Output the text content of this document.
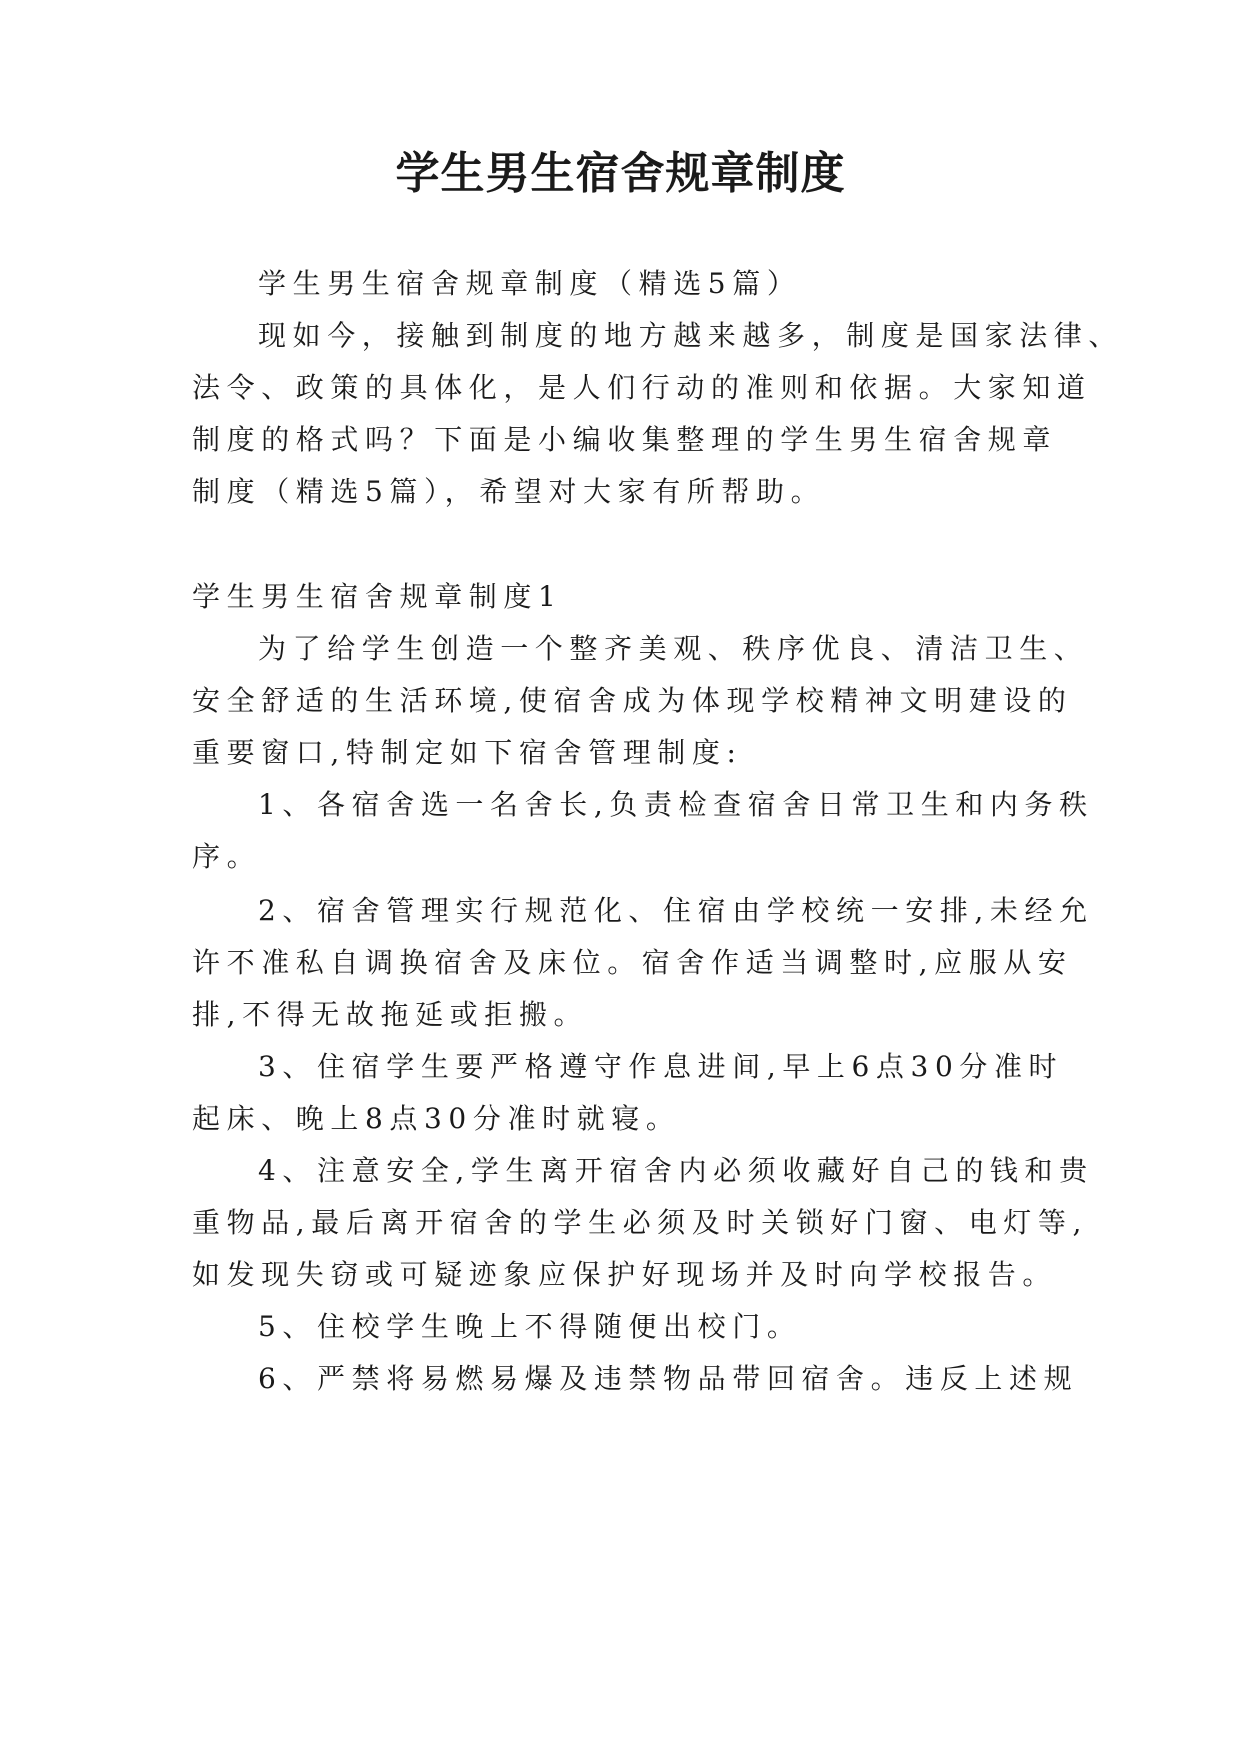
学生男生宿舍规章制度
学生男生宿舍规章制度（精选5篇）
现如今，接触到制度的地方越来越多，制度是国家法律、
法令、政策的具体化，是人们行动的准则和依据。大家知道
制度的格式吗？下面是小编收集整理的学生男生宿舍规章
制度（精选5篇），希望对大家有所帮助。
学生男生宿舍规章制度1
为了给学生创造一个整齐美观、秩序优良、清洁卫生、
安全舒适的生活环境,使宿舍成为体现学校精神文明建设的
重要窗口,特制定如下宿舍管理制度:
1、各宿舍选一名舍长,负责检查宿舍日常卫生和内务秩
序。
2、宿舍管理实行规范化、住宿由学校统一安排,未经允
许不准私自调换宿舍及床位。宿舍作适当调整时,应服从安
排,不得无故拖延或拒搬。
3、住宿学生要严格遵守作息进间,早上6点30分准时
起床、晚上8点30分准时就寝。
4、注意安全,学生离开宿舍内必须收藏好自己的钱和贵
重物品,最后离开宿舍的学生必须及时关锁好门窗、电灯等,
如发现失窃或可疑迹象应保护好现场并及时向学校报告。
5、住校学生晚上不得随便出校门。
6、严禁将易燃易爆及违禁物品带回宿舍。违反上述规
